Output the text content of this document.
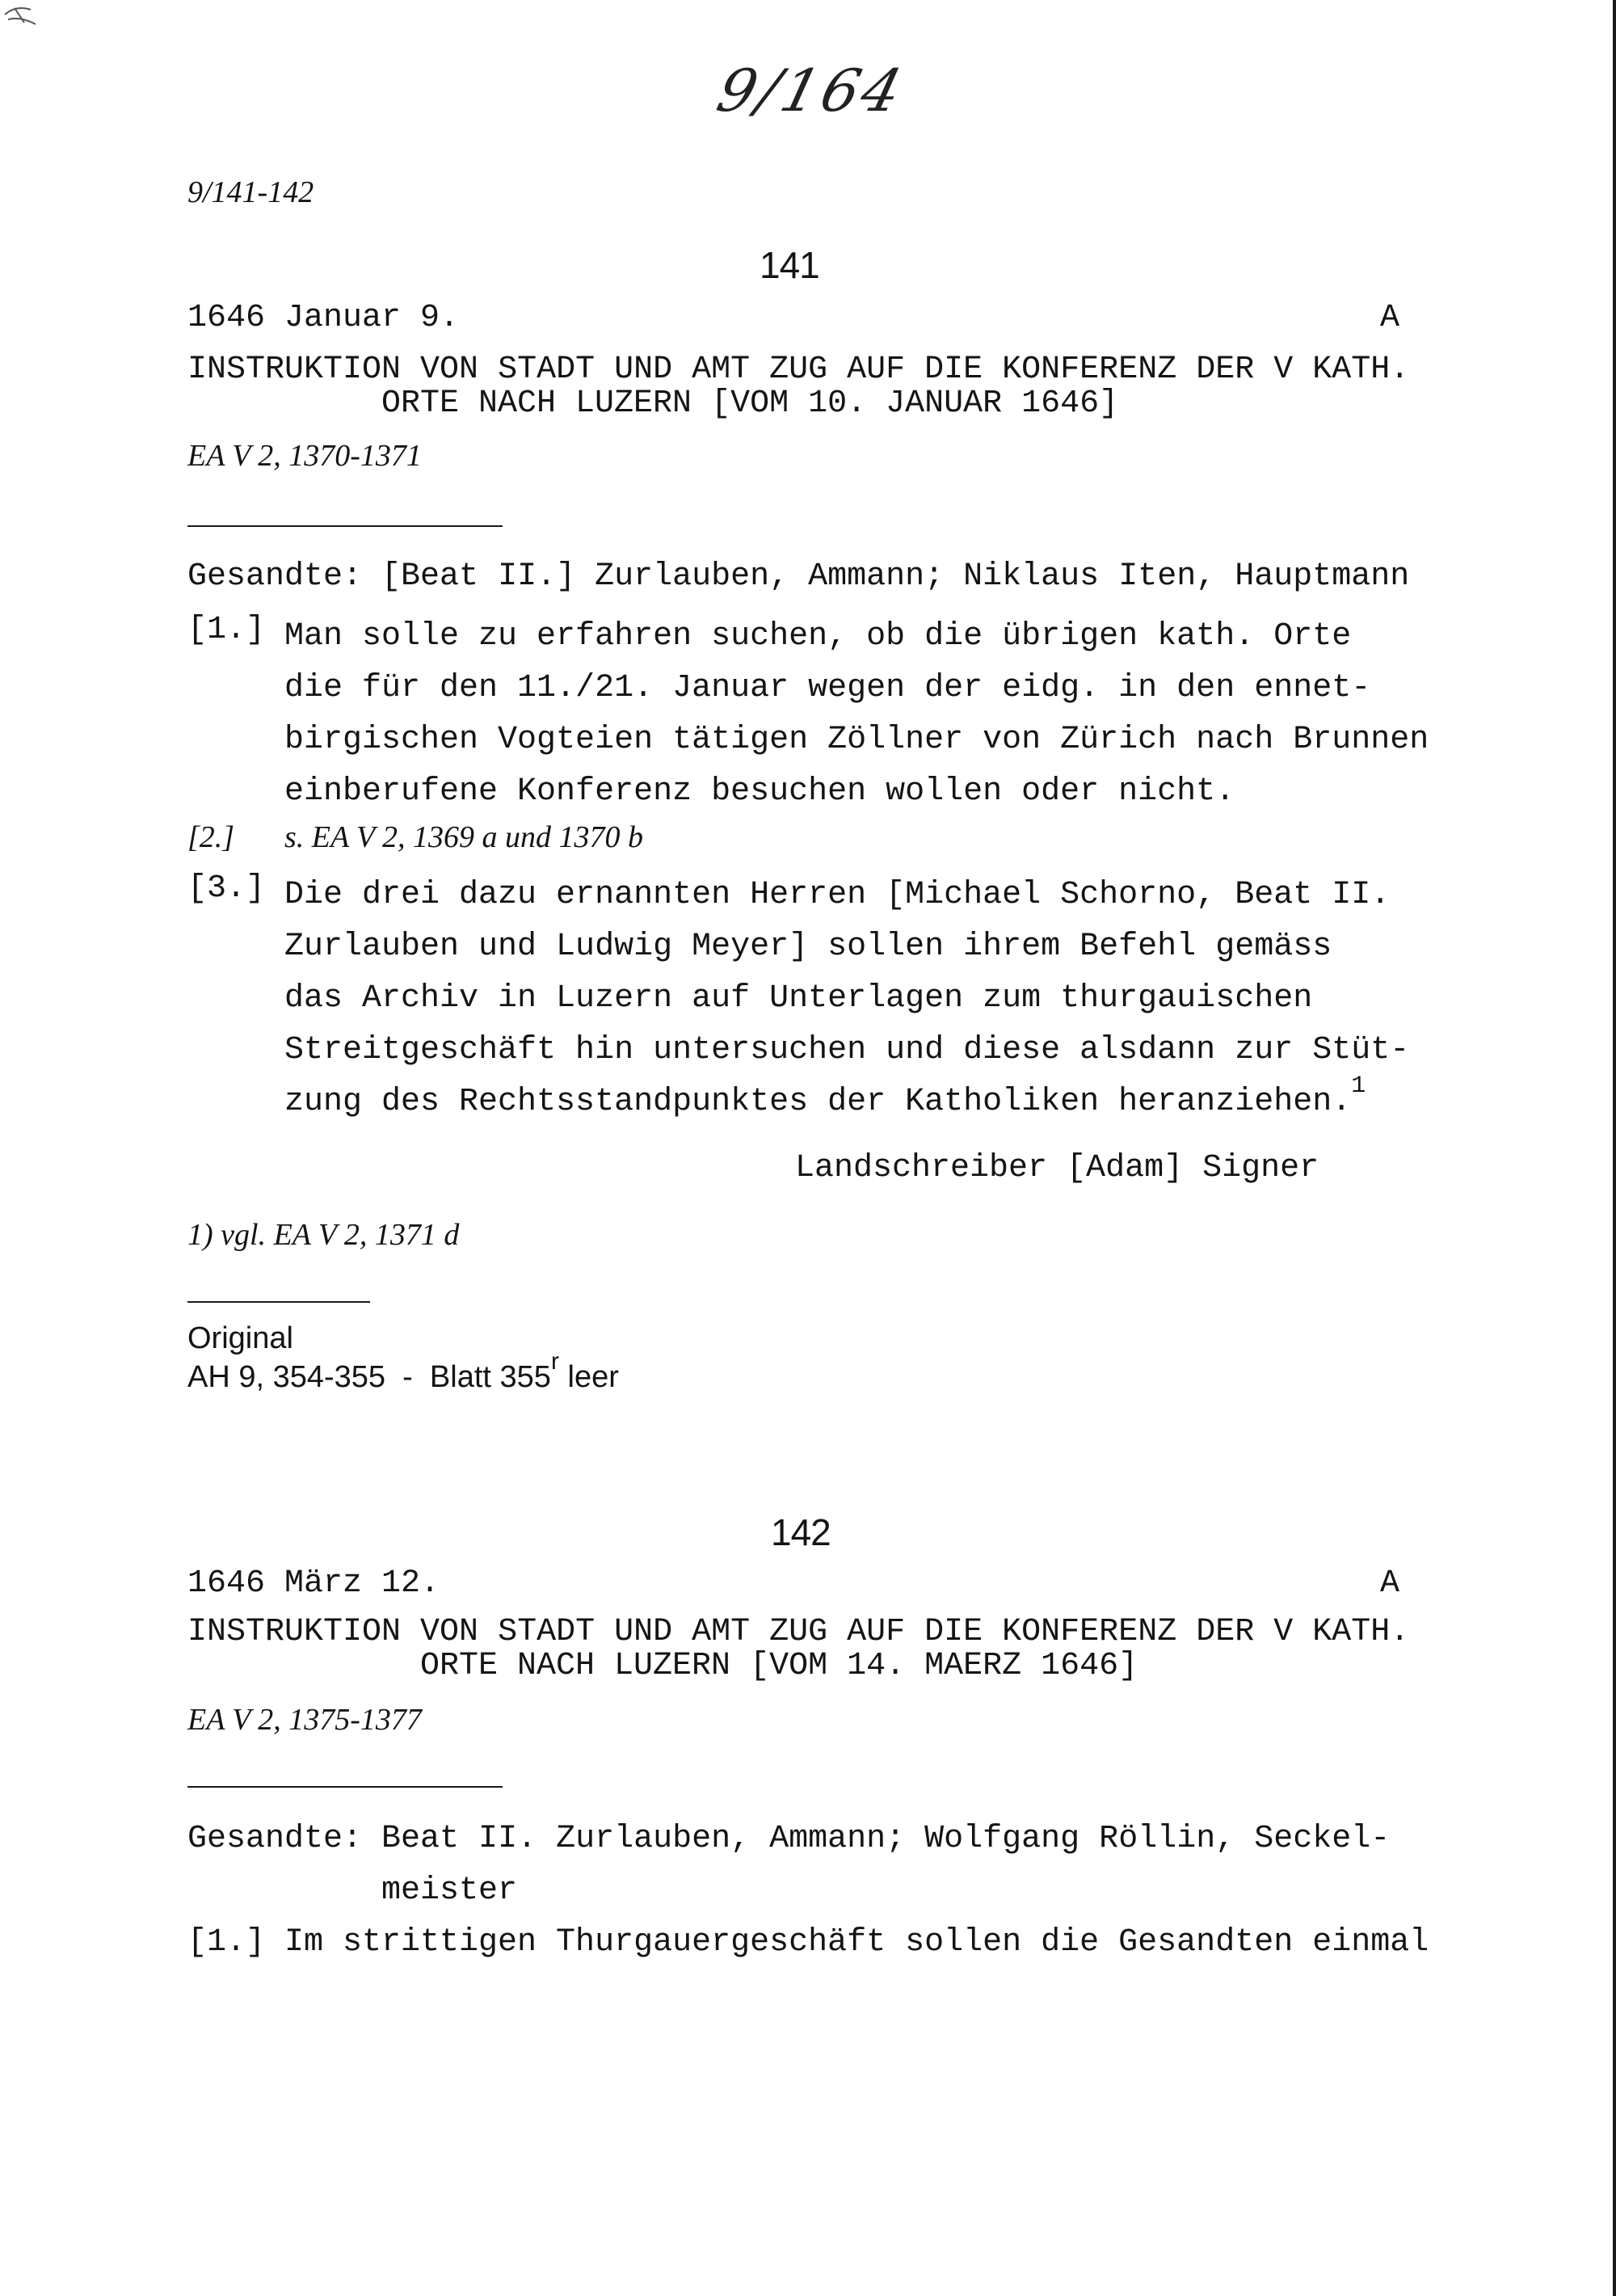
9/164
9/141-142
141
1646 Januar 9.	A
INSTRUKTION VON STADT UND AMT ZUG AUF DIE KONFERENZ DER V KATH.
ORTE NACH LUZERN [VOM 10. JANUAR 1646]
EA V 2, 1370-1371
Gesandte: [Beat II.] Zurlauben, Ammann; Niklaus Iten, Hauptmann
[1.] Man solle zu erfahren suchen, ob die übrigen kath. Orte
die für den 11./21. Januar wegen der eidg. in den ennet-
birgischen Vogteien tätigen Zöllner von Zürich nach Brunnen
einberufene Konferenz besuchen wollen oder nicht.
[2.] s. EA V 2, 1369 a und 1370 b
[3.] Die drei dazu ernannten Herren [Michael Schorno, Beat II.
Zurlauben und Ludwig Meyer] sollen ihrem Befehl gemäss
das Archiv in Luzern auf Unterlagen zum thurgauischen
Streitgeschäft hin untersuchen und diese alsdann zur Stüt-
zung des Rechtsstandpunktes der Katholiken heranziehen.$^1$
Landschreiber [Adam] Signer
1) vgl. EA V 2, 1371 d
Original
AH 9, 354-355  -  Blatt 355$^r$ leer
142
1646 März 12.	A
INSTRUKTION VON STADT UND AMT ZUG AUF DIE KONFERENZ DER V KATH.
ORTE NACH LUZERN [VOM 14. MAERZ 1646]
EA V 2, 1375-1377
Gesandte: Beat II. Zurlauben, Ammann; Wolfgang Röllin, Seckel-
meister
[1.] Im strittigen Thurgauergeschäft sollen die Gesandten einmal
